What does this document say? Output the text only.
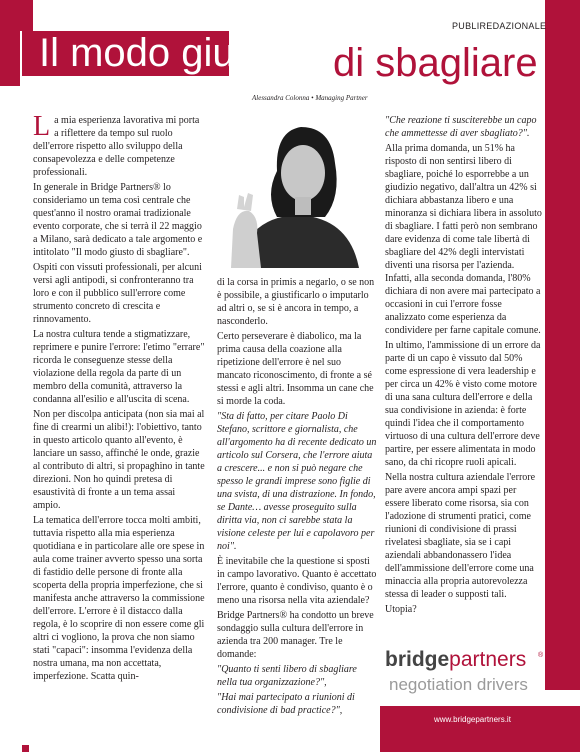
PUBLIREDAZIONALE
Il modo giusto di sbagliare
Alessandra Colonna • Managing Partner
L a mia esperienza lavorativa mi porta a riflettere da tempo sul ruolo dell'errore rispetto allo sviluppo della consapevolezza e delle competenze professionali.

In generale in Bridge Partners® lo consideriamo un tema così centrale che quest'anno il nostro oramai tradizionale evento corporate, che si terrà il 22 maggio a Milano, sarà dedicato a tale argomento e intitolato "Il modo giusto di sbagliare".

Ospiti con vissuti professionali, per alcuni versi agli antipodi, si confronteranno tra loro e con il pubblico sull'errore come strumento concreto di crescita e rinnovamento.

La nostra cultura tende a stigmatizzare, reprimere e punire l'errore: l'etimo "errare" ricorda le conseguenze stesse della violazione della regola da parte di un membro della comunità, attraverso la condanna all'esilio e all'uscita di scena.

Non per discolpa anticipata (non sia mai al fine di crearmi un alibi!): l'obiettivo, tanto in questo articolo quanto all'evento, è lanciare un sasso, affinché le onde, grazie al contributo di altri, si propaghino in tante direzioni. Non ho quindi pretesa di esaustività di fronte a un tema assai ampio.

La tematica dell'errore tocca molti ambiti, tuttavia rispetto alla mia esperienza quotidiana e in particolare alle ore spese in aula come trainer avverto spesso una sorta di fastidio delle persone di fronte alla scoperta della propria imperfezione, che si manifesta anche attraverso la commissione dell'errore. L'errore è il distacco dalla regola, è lo scoprire di non essere come gli altri ci vogliono, la prova che non siamo stati "capaci": insomma l'evidenza della nostra umana, ma non accettata, imperfezione. Scatta quin-

di la corsa in primis a negarlo, o se non è possibile, a giustificarlo o imputarlo ad altri o, se si è ancora in tempo, a nasconderlo.

Certo perseverare è diabolico, ma la prima causa della coazione alla ripetizione dell'errore è nel suo mancato riconoscimento, di fronte a sé stessi e agli altri. Insomma un cane che si morde la coda.

"Sta di fatto, per citare Paolo Di Stefano, scrittore e giornalista, che all'argomento ha di recente dedicato un articolo sul Corsera, che l'errore aiuta a crescere... e non si può negare che spesso le grandi imprese sono figlie di una svista, di una distrazione. In fondo, se Dante… avesse proseguito sulla diritta via, non ci sarebbe stata la visione celeste per lui e capolavoro per noi".

È inevitabile che la questione si sposti in campo lavorativo. Quanto è accettato l'errore, quanto è condiviso, quanto è o meno una risorsa nella vita aziendale?

Bridge Partners® ha condotto un breve sondaggio sulla cultura dell'errore in azienda tra 200 manager. Tre le domande:

"Quanto ti senti libero di sbagliare nella tua organizzazione?",

"Hai mai partecipato a riunioni di condivisione di bad practice?",

"Che reazione ti susciterebbe un capo che ammettesse di aver sbagliato?".

Alla prima domanda, un 51% ha risposto di non sentirsi libero di sbagliare, poiché lo esporrebbe a un giudizio negativo, dall'altra un 42% si dichiara abbastanza libero e una minoranza si dichiara libera in assoluto di sbagliare. I fatti però non sembrano dare evidenza di come tale libertà di sbagliare del 42% degli intervistati diventi una risorsa per l'azienda. Infatti, alla seconda domanda, l'80% dichiara di non avere mai partecipato a occasioni in cui l'errore fosse analizzato come esperienza da condividere per farne capitale comune.

In ultimo, l'ammissione di un errore da parte di un capo è vissuto dal 50% come espressione di vera leadership e per circa un 42% è visto come motore di una sana cultura dell'errore e della sua condivisione in azienda: è forte quindi l'idea che il comportamento virtuoso di una cultura dell'errore deve partire, per essere alimentata in modo sano, da chi ricopre ruoli apicali.

Nella nostra cultura aziendale l'errore pare avere ancora ampi spazi per essere liberato come risorsa, sia con l'adozione di strumenti pratici, come riunioni di condivisione di prassi rivelatesi sbagliate, sia se i capi aziendali abbandonassero l'idea dell'ammissione dell'errore come una minaccia alla propria autorevolezza stessa di leader o supposti tali.

Utopia?

bridgepartners ®
negotiation drivers
www.bridgepartners.it
